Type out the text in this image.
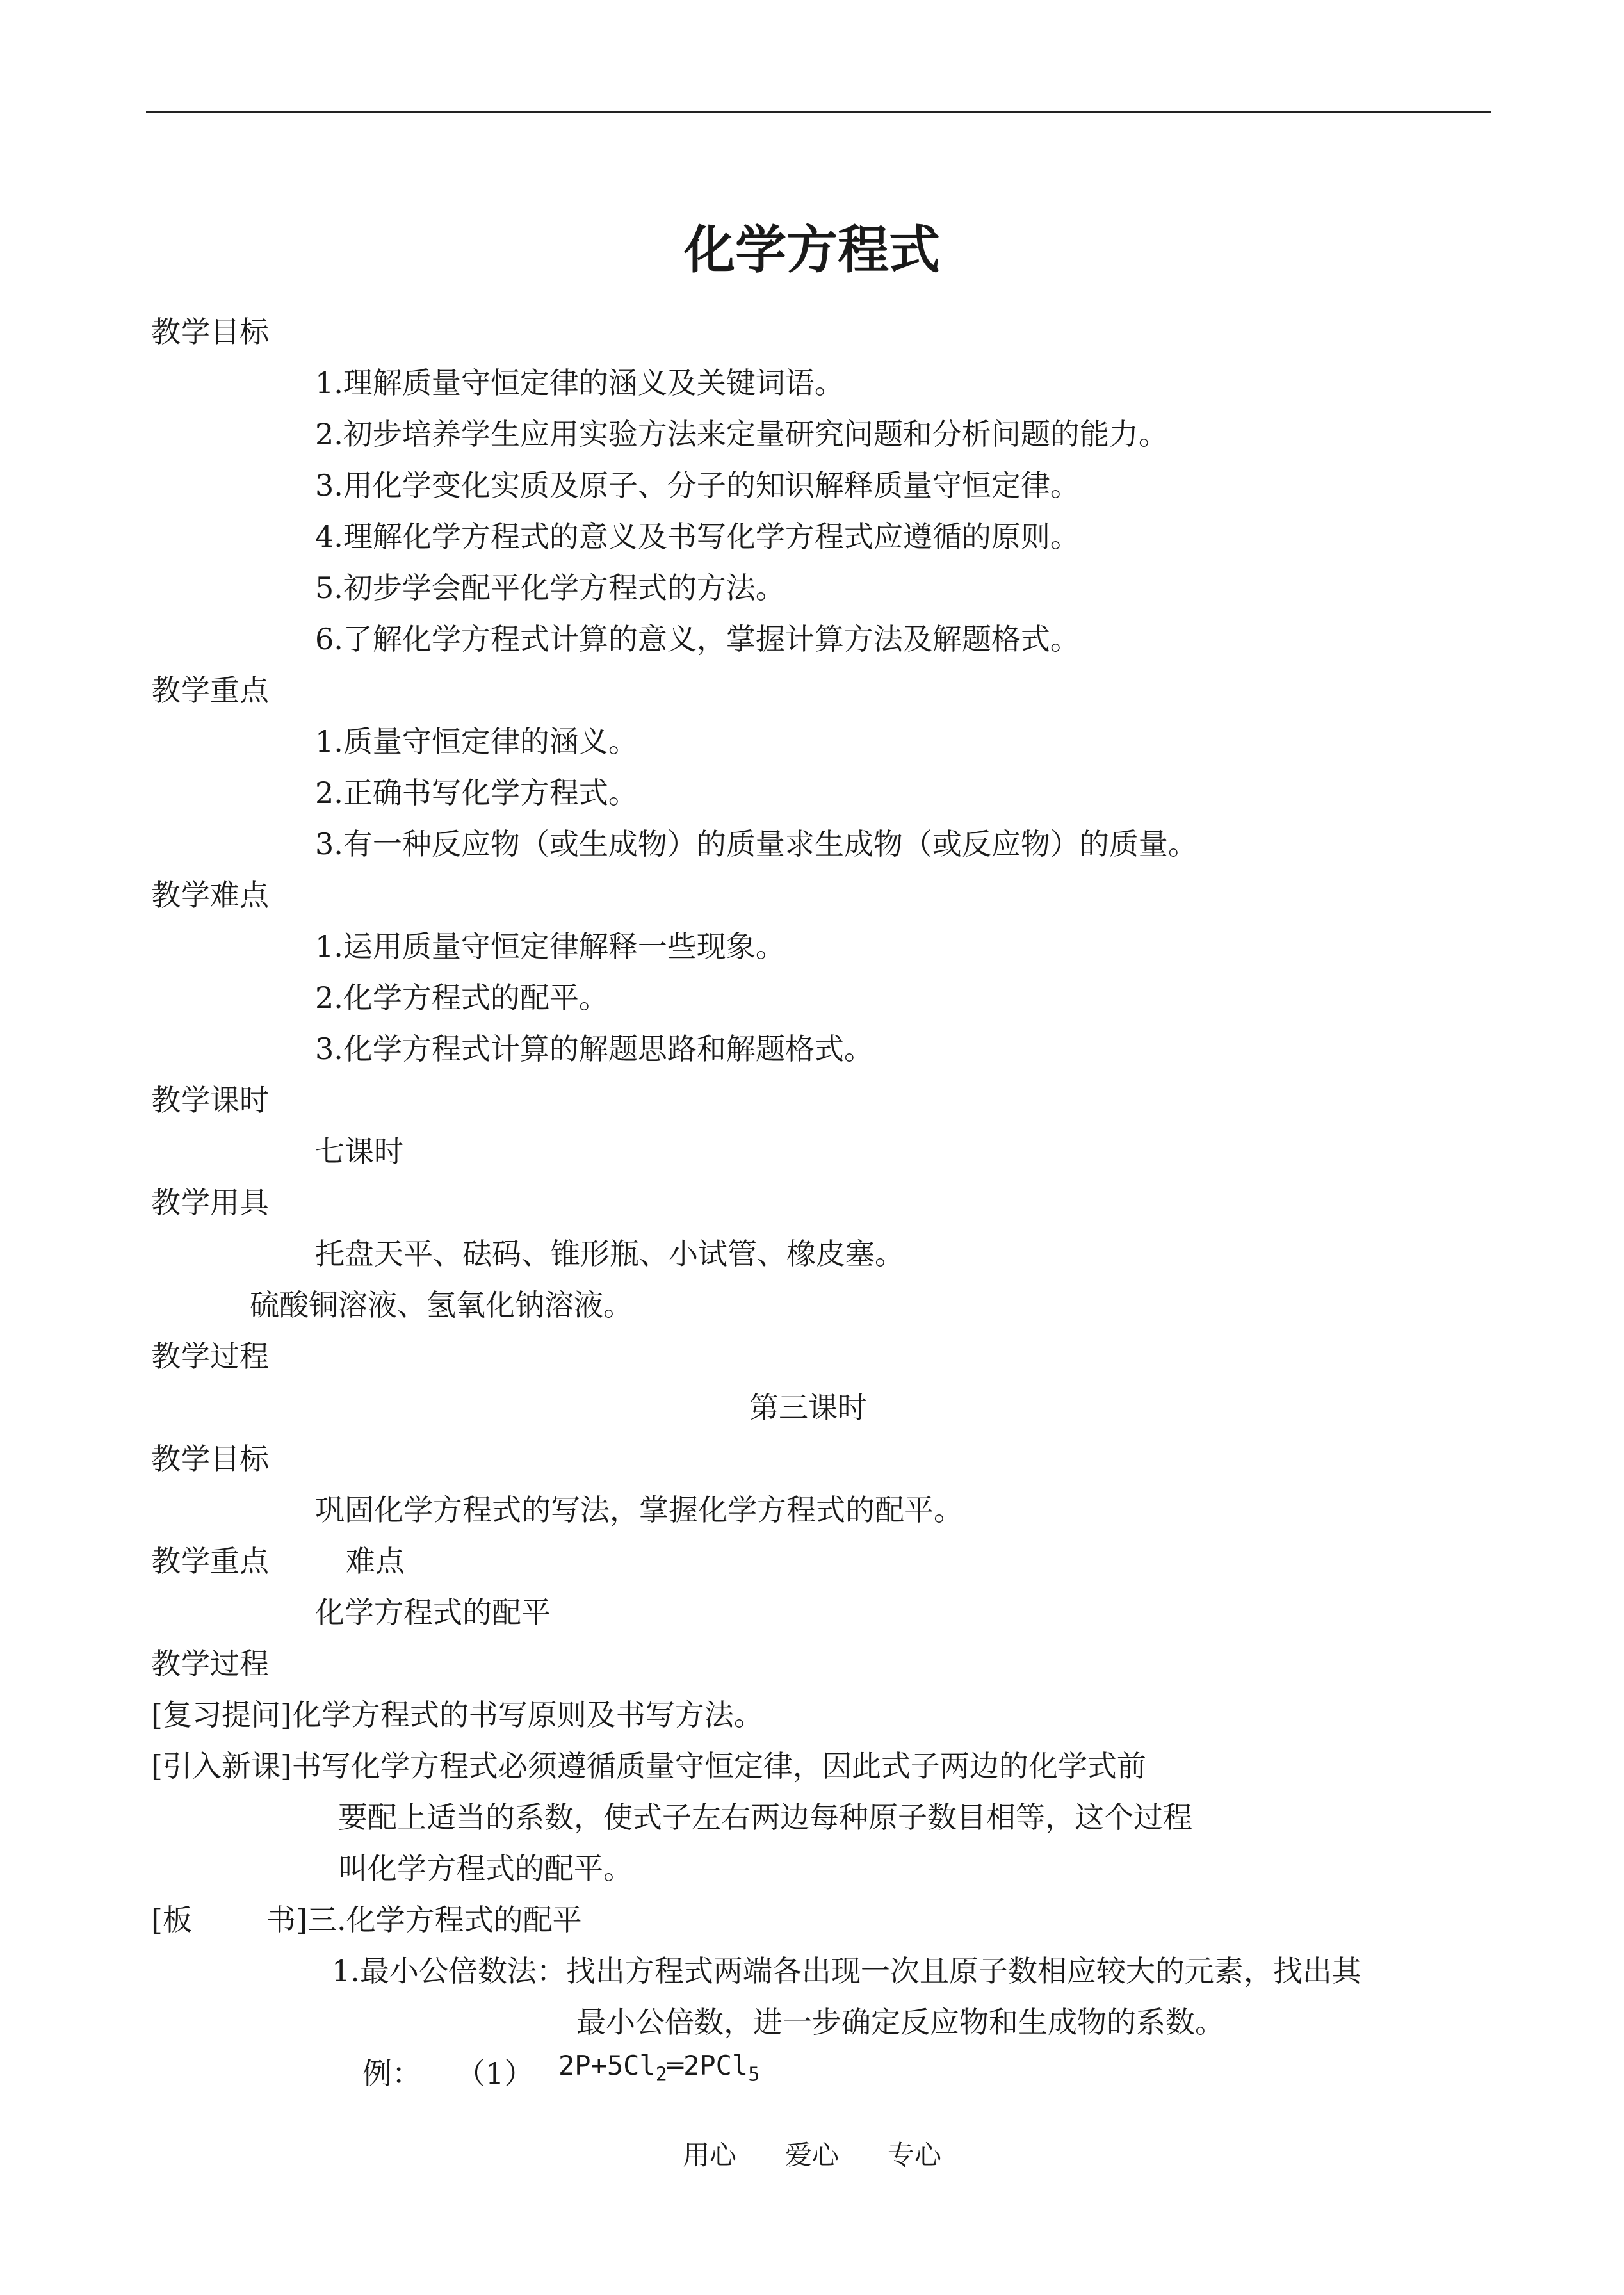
化学方程式
教学目标
1.理解质量守恒定律的涵义及关键词语。
2.初步培养学生应用实验方法来定量研究问题和分析问题的能力。
3.用化学变化实质及原子、分子的知识解释质量守恒定律。
4.理解化学方程式的意义及书写化学方程式应遵循的原则。
5.初步学会配平化学方程式的方法。
6.了解化学方程式计算的意义，掌握计算方法及解题格式。
教学重点
1.质量守恒定律的涵义。
2.正确书写化学方程式。
3.有一种反应物（或生成物）的质量求生成物（或反应物）的质量。
教学难点
1.运用质量守恒定律解释一些现象。
2.化学方程式的配平。
3.化学方程式计算的解题思路和解题格式。
教学课时
七课时
教学用具
托盘天平、砝码、锥形瓶、小试管、橡皮塞。
硫酸铜溶液、氢氧化钠溶液。
教学过程
第三课时
教学目标
巩固化学方程式的写法，掌握化学方程式的配平。
教学重点	难点
化学方程式的配平
教学过程
[复习提问]化学方程式的书写原则及书写方法。
[引入新课]书写化学方程式必须遵循质量守恒定律，因此式子两边的化学式前
要配上适当的系数，使式子左右两边每种原子数目相等，这个过程
叫化学方程式的配平。
[板	书]三.化学方程式的配平
1.最小公倍数法：找出方程式两端各出现一次且原子数相应较大的元素，找出其
最小公倍数，进一步确定反应物和生成物的系数。
例： （1） $2P+5Cl_2═2PCl_5$
用心 爱心 专心
